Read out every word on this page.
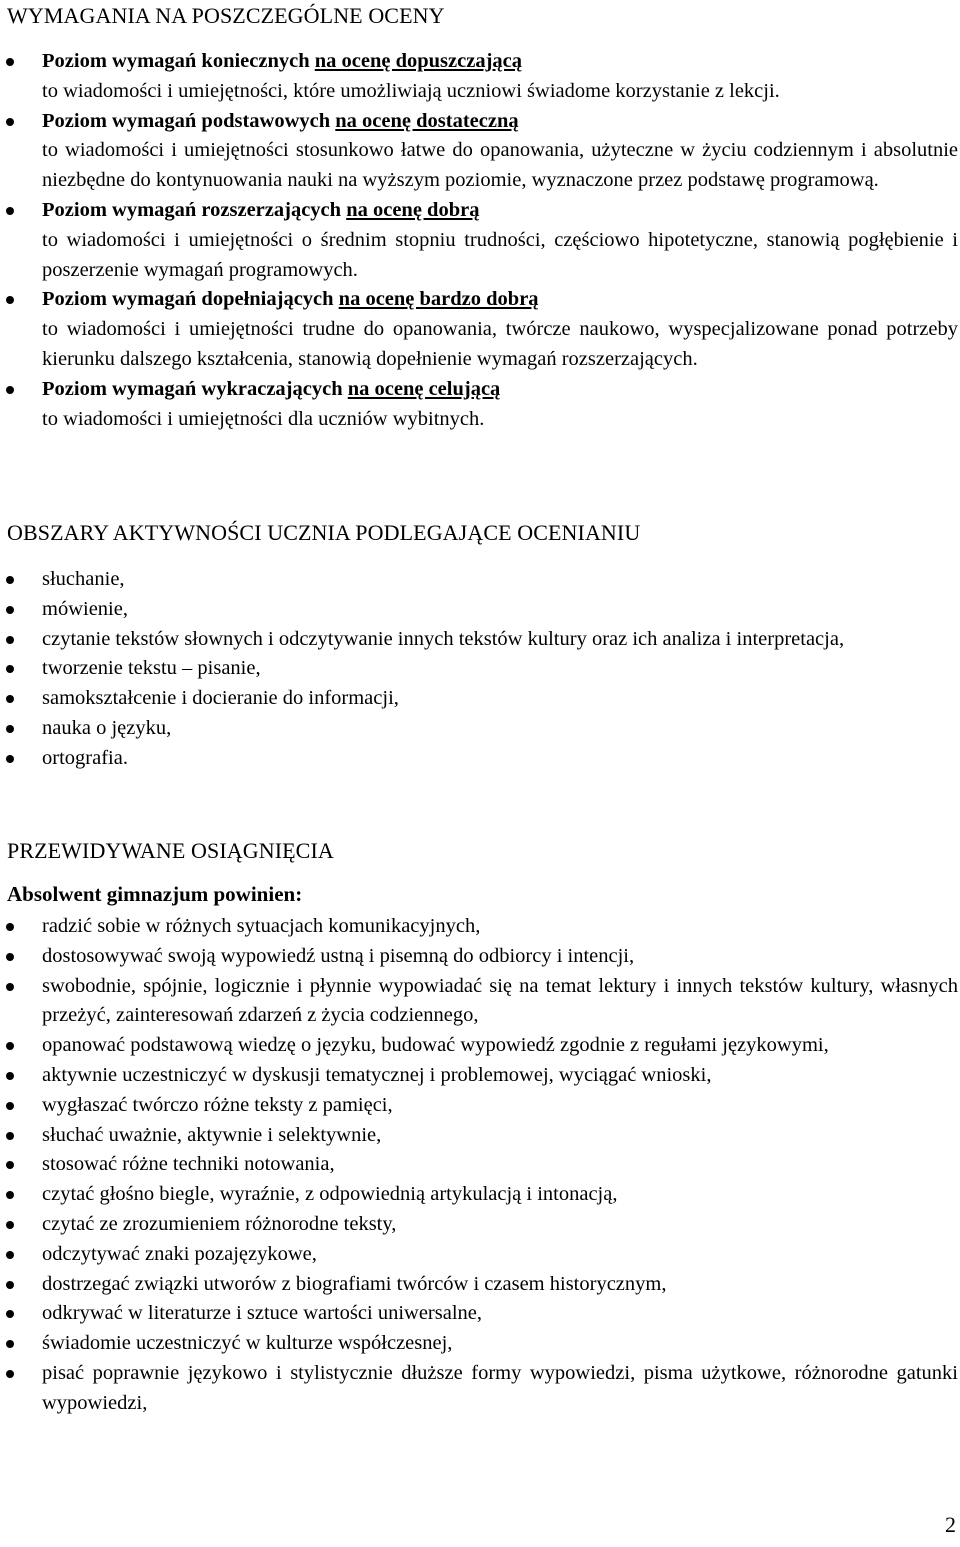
WYMAGANIA NA POSZCZEGÓLNE OCENY
Poziom wymagań koniecznych na ocenę dopuszczającą
to wiadomości i umiejętności, które umożliwiają uczniowi świadome korzystanie z lekcji.
Poziom wymagań podstawowych na ocenę dostateczną
to wiadomości i umiejętności stosunkowo łatwe do opanowania, użyteczne w życiu codziennym i absolutnie niezbędne do kontynuowania nauki na wyższym poziomie, wyznaczone przez podstawę programową.
Poziom wymagań rozszerzających na ocenę dobrą
to wiadomości i umiejętności o średnim stopniu trudności, częściowo hipotetyczne, stanowią pogłębienie i poszerzenie wymagań programowych.
Poziom wymagań dopełniających na ocenę bardzo dobrą
to wiadomości i umiejętności trudne do opanowania, twórcze naukowo, wyspecjalizowane ponad potrzeby kierunku dalszego kształcenia, stanowią dopełnienie wymagań rozszerzających.
Poziom wymagań wykraczających na ocenę celującą
to wiadomości i umiejętności dla uczniów wybitnych.
OBSZARY AKTYWNOŚCI UCZNIA PODLEGAJĄCE OCENIANIU
słuchanie,
mówienie,
czytanie tekstów słownych i odczytywanie innych tekstów kultury oraz ich analiza i interpretacja,
tworzenie tekstu – pisanie,
samokształcenie i docieranie do informacji,
nauka o języku,
ortografia.
PRZEWIDYWANE OSIĄGNIĘCIA
Absolwent gimnazjum powinien:
radzić sobie w różnych sytuacjach komunikacyjnych,
dostosowywać swoją wypowiedź ustną i pisemną do odbiorcy i intencji,
swobodnie, spójnie, logicznie i płynnie wypowiadać się na temat lektury i innych tekstów kultury, własnych przeżyć, zainteresowań zdarzeń z życia codziennego,
opanować podstawową wiedzę o języku, budować wypowiedź zgodnie z regułami językowymi,
aktywnie uczestniczyć w dyskusji tematycznej i problemowej, wyciągać wnioski,
wygłaszać twórczo różne teksty z pamięci,
słuchać uważnie, aktywnie i selektywnie,
stosować różne techniki notowania,
czytać głośno biegle, wyraźnie, z odpowiednią artykulacją i intonacją,
czytać ze zrozumieniem różnorodne teksty,
odczytywać znaki pozajęzykowe,
dostrzegać związki utworów z biografiami twórców i czasem historycznym,
odkrywać w literaturze i sztuce wartości uniwersalne,
świadomie uczestniczyć w kulturze współczesnej,
pisać poprawnie językowo i stylistycznie dłuższe formy wypowiedzi, pisma użytkowe, różnorodne gatunki wypowiedzi,
2
